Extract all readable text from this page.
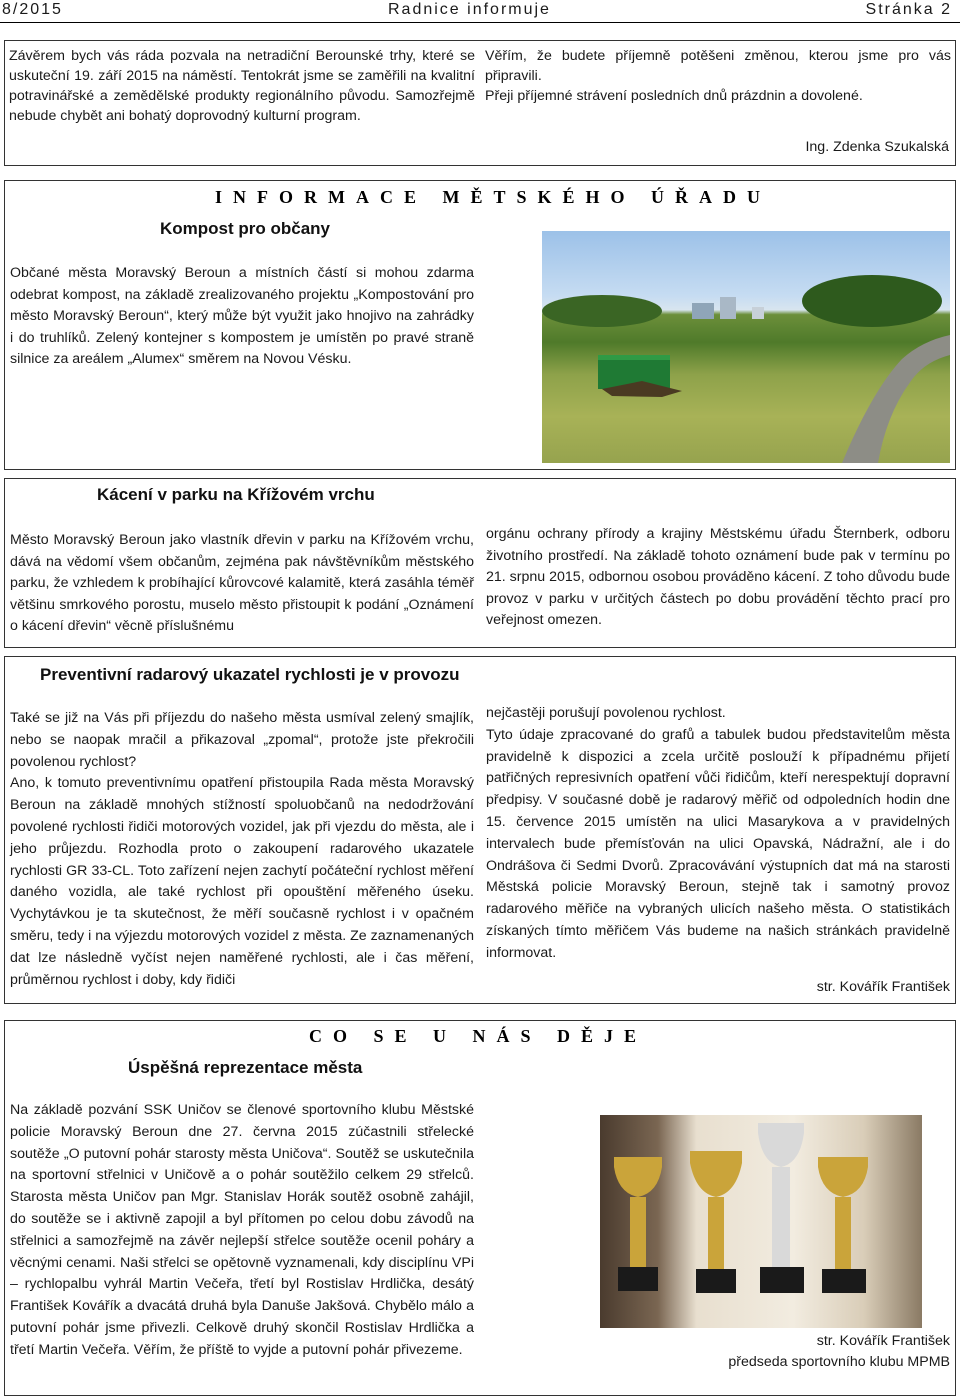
8/2015	Radnice informuje	Stránka 2
Závěrem bych vás ráda pozvala na netradiční Berounské trhy, které se uskuteční 19. září 2015 na náměstí. Tentokrát jsme se zaměřili na kvalitní potravinářské a zemědělské produkty regionálního původu. Samozřejmě nebude chybět ani bohatý doprovodný kulturní program.

Věřím, že budete příjemně potěšeni změnou, kterou jsme pro vás připravili.

Přeji příjemné strávení posledních dnů prázdnin a dovolené.

Ing. Zdenka Szukalská
INFORMACE MĚTSKÉHO ÚŘADU
Kompost pro občany
Občané města Moravský Beroun a místních částí si mohou zdarma odebrat kompost, na základě zrealizovaného projektu „Kompostování pro město Moravský Beroun“, který může být využit jako hnojivo na zahrádky i do truhlíků. Zelený kontejner s kompostem je umístěn po pravé straně silnice za areálem „Alumex“ směrem na Novou Vésku.
Kácení v parku na Křížovém vrchu
Město Moravský Beroun jako vlastník dřevin v parku na Křížovém vrchu, dává na vědomí všem občanům, zejména pak návštěvníkům městského parku, že vzhledem k probíhající kůrovcové kalamitě, která zasáhla téměř většinu smrkového porostu, muselo město přistoupit k podání „Oznámení o kácení dřevin“ věcně příslušnému
orgánu ochrany přírody a krajiny Městskému úřadu Šternberk, odboru životního prostředí. Na základě tohoto oznámení bude pak v termínu po 21. srpnu 2015, odbornou osobou prováděno kácení. Z toho důvodu bude provoz v parku v určitých částech po dobu provádění těchto prací pro veřejnost omezen.
Preventivní radarový ukazatel rychlosti je v provozu

Také se již na Vás při příjezdu do našeho města usmíval zelený smajlík, nebo se naopak mračil a přikazoval „zpomal“, protože jste překročili povolenou rychlost?

Ano, k tomuto preventivnímu opatření přistoupila Rada města Moravský Beroun na základě mnohých stížností spoluobčanů na nedodržování povolené rychlosti řidiči motorových vozidel, jak při vjezdu do města, ale i jeho průjezdu. Rozhodla proto o zakoupení radarového ukazatele rychlosti GR 33-CL. Toto zařízení nejen zachytí počáteční rychlost měření daného vozidla, ale také rychlost při opouštění měřeného úseku. Vychytávkou je ta skutečnost, že měří současně rychlost i v opačném směru, tedy i na výjezdu motorových vozidel z města. Ze zaznamenaných dat lze následně vyčíst nejen naměřené rychlosti, ale i čas měření, průměrnou rychlost i doby, kdy řidiči

nejčastěji porušují povolenou rychlost.

Tyto údaje zpracované do grafů a tabulek budou představitelům města pravidelně k dispozici a zcela určitě poslouží k případnému přijetí patřičných represivních opatření vůči řidičům, kteří nerespektují dopravní předpisy. V současné době je radarový měřič od odpoledních hodin dne 15. července 2015 umístěn na ulici Masarykova a v pravidelných intervalech bude přemísťován na ulici Opavská, Nádražní, ale i do Ondrášova či Sedmi Dvorů. Zpracovávání výstupních dat má na starosti Městská policie Moravský Beroun, stejně tak i samotný provoz radarového měřiče na vybraných ulicích našeho města. O statistikách získaných tímto měřičem Vás budeme na našich stránkách pravidelně informovat.

str. Kovářík František
CO SE U NÁS DĚJE
Úspěšná reprezentace města
Na základě pozvání SSK Uničov se členové sportovního klubu Městské policie Moravský Beroun dne 27. června 2015 zúčastnili střelecké soutěže „O putovní pohár starosty města Uničova“. Soutěž se uskutečnila na sportovní střelnici v Uničově a o pohár soutěžilo celkem 29 střelců. Starosta města Uničov pan Mgr. Stanislav Horák soutěž osobně zahájil, do soutěže se i aktivně zapojil a byl přítomen po celou dobu závodů na střelnici a samozřejmě na závěr nejlepší střelce soutěže ocenil poháry a věcnými cenami. Naši střelci se opětovně vyznamenali, kdy disciplínu VPi – rychlopalbu vyhrál Martin Večeřa, třetí byl Rostislav Hrdlička, desátý František Kovářík a dvacátá druhá byla Danuše Jakšová. Chybělo málo a putovní pohár jsme přivezli. Celkově druhý skončil Rostislav Hrdlička a třetí Martin Večeřa. Věřím, že příště to vyjde a putovní pohár přivezeme.
str. Kovářík František
předseda sportovního klubu MPMB
